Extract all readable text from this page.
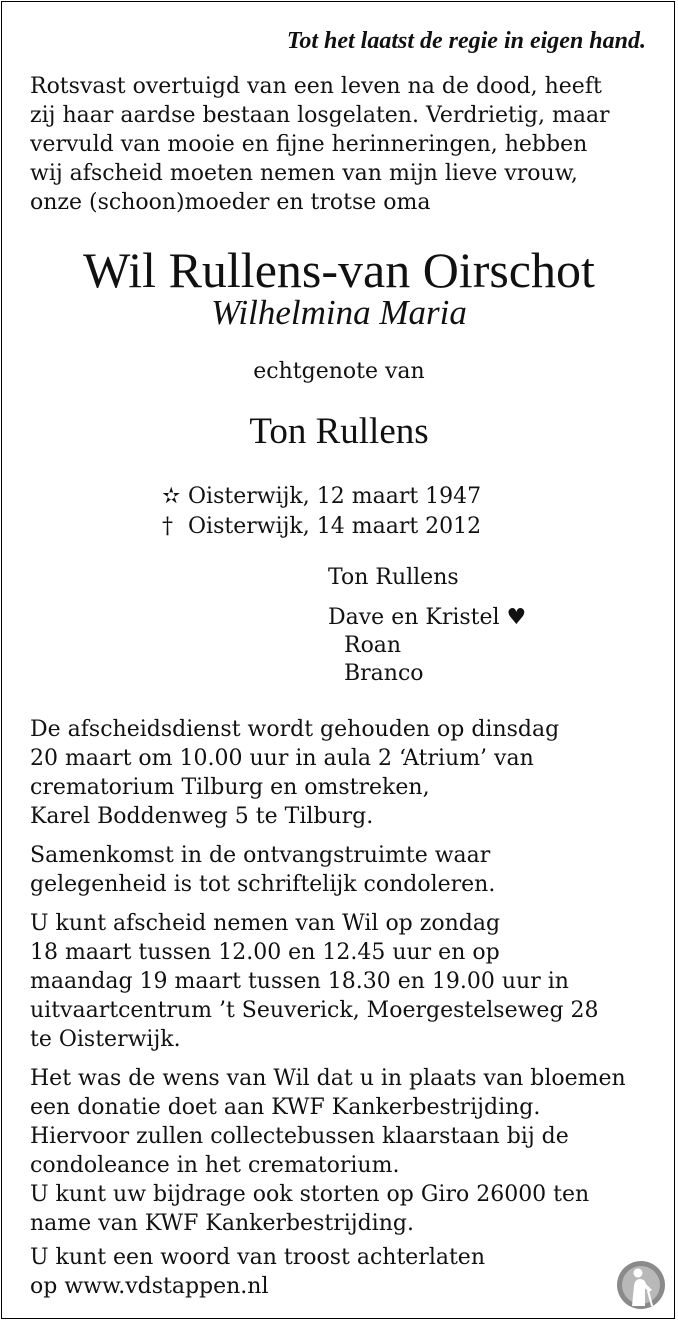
Tot het laatst de regie in eigen hand.
Rotsvast overtuigd van een leven na de dood, heeft
zij haar aardse bestaan losgelaten. Verdrietig, maar
vervuld van mooie en fijne herinneringen, hebben
wij afscheid moeten nemen van mijn lieve vrouw,
onze (schoon)moeder en trotse oma
Wil Rullens-van Oirschot
Wilhelmina Maria
echtgenote van
Ton Rullens
✫ Oisterwijk, 12 maart 1947
† Oisterwijk, 14 maart 2012
Ton Rullens
Dave en Kristel ♥
Roan
Branco
De afscheidsdienst wordt gehouden op dinsdag
20 maart om 10.00 uur in aula 2 ‘Atrium’ van
crematorium Tilburg en omstreken,
Karel Boddenweg 5 te Tilburg.
Samenkomst in de ontvangstruimte waar
gelegenheid is tot schriftelijk condoleren.
U kunt afscheid nemen van Wil op zondag
18 maart tussen 12.00 en 12.45 uur en op
maandag 19 maart tussen 18.30 en 19.00 uur in
uitvaartcentrum ’t Seuverick, Moergestelseweg 28
te Oisterwijk.
Het was de wens van Wil dat u in plaats van bloemen
een donatie doet aan KWF Kankerbestrijding.
Hiervoor zullen collectebussen klaarstaan bij de
condoleance in het crematorium.
U kunt uw bijdrage ook storten op Giro 26000 ten
name van KWF Kankerbestrijding.
U kunt een woord van troost achterlaten
op www.vdstappen.nl
